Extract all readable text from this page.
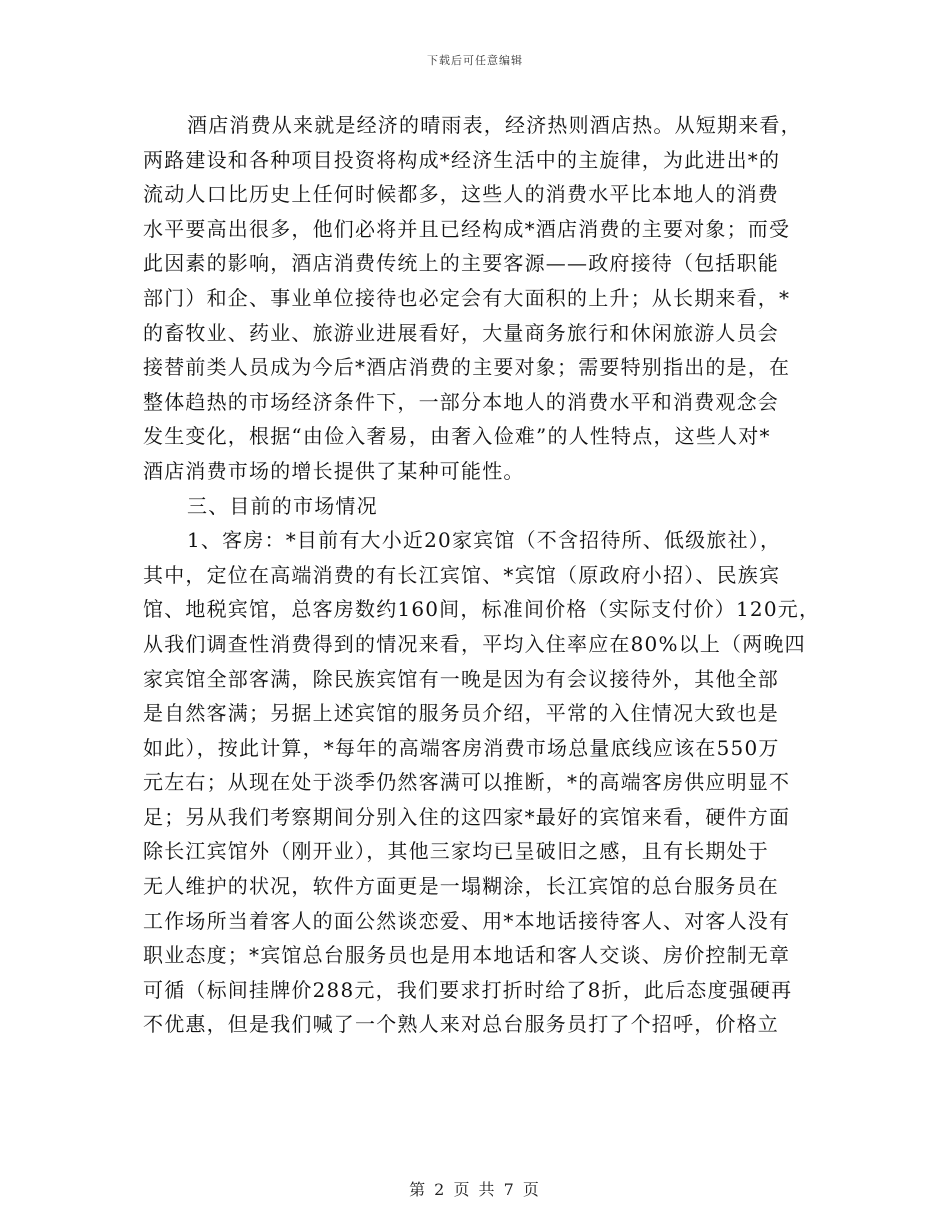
下载后可任意编辑
酒店消费从来就是经济的晴雨表，经济热则酒店热。从短期来看，
两路建设和各种项目投资将构成*经济生活中的主旋律，为此进出*的
流动人口比历史上任何时候都多，这些人的消费水平比本地人的消费
水平要高出很多，他们必将并且已经构成*酒店消费的主要对象；而受
此因素的影响，酒店消费传统上的主要客源——政府接待（包括职能
部门）和企、事业单位接待也必定会有大面积的上升；从长期来看，*
的畜牧业、药业、旅游业进展看好，大量商务旅行和休闲旅游人员会
接替前类人员成为今后*酒店消费的主要对象；需要特别指出的是，在
整体趋热的市场经济条件下，一部分本地人的消费水平和消费观念会
发生变化，根据“由俭入奢易，由奢入俭难”的人性特点，这些人对*
酒店消费市场的增长提供了某种可能性。
三、目前的市场情况
1、客房：*目前有大小近20家宾馆（不含招待所、低级旅社），
其中，定位在高端消费的有长江宾馆、*宾馆（原政府小招）、民族宾
馆、地税宾馆，总客房数约160间，标准间价格（实际支付价）120元，
从我们调查性消费得到的情况来看，平均入住率应在80%以上（两晚四
家宾馆全部客满，除民族宾馆有一晚是因为有会议接待外，其他全部
是自然客满；另据上述宾馆的服务员介绍，平常的入住情况大致也是
如此），按此计算，*每年的高端客房消费市场总量底线应该在550万
元左右；从现在处于淡季仍然客满可以推断，*的高端客房供应明显不
足；另从我们考察期间分别入住的这四家*最好的宾馆来看，硬件方面
除长江宾馆外（刚开业），其他三家均已呈破旧之感，且有长期处于
无人维护的状况，软件方面更是一塌糊涂，长江宾馆的总台服务员在
工作场所当着客人的面公然谈恋爱、用*本地话接待客人、对客人没有
职业态度；*宾馆总台服务员也是用本地话和客人交谈、房价控制无章
可循（标间挂牌价288元，我们要求打折时给了8折，此后态度强硬再
不优惠，但是我们喊了一个熟人来对总台服务员打了个招呼，价格立
第 2 页 共 7 页
